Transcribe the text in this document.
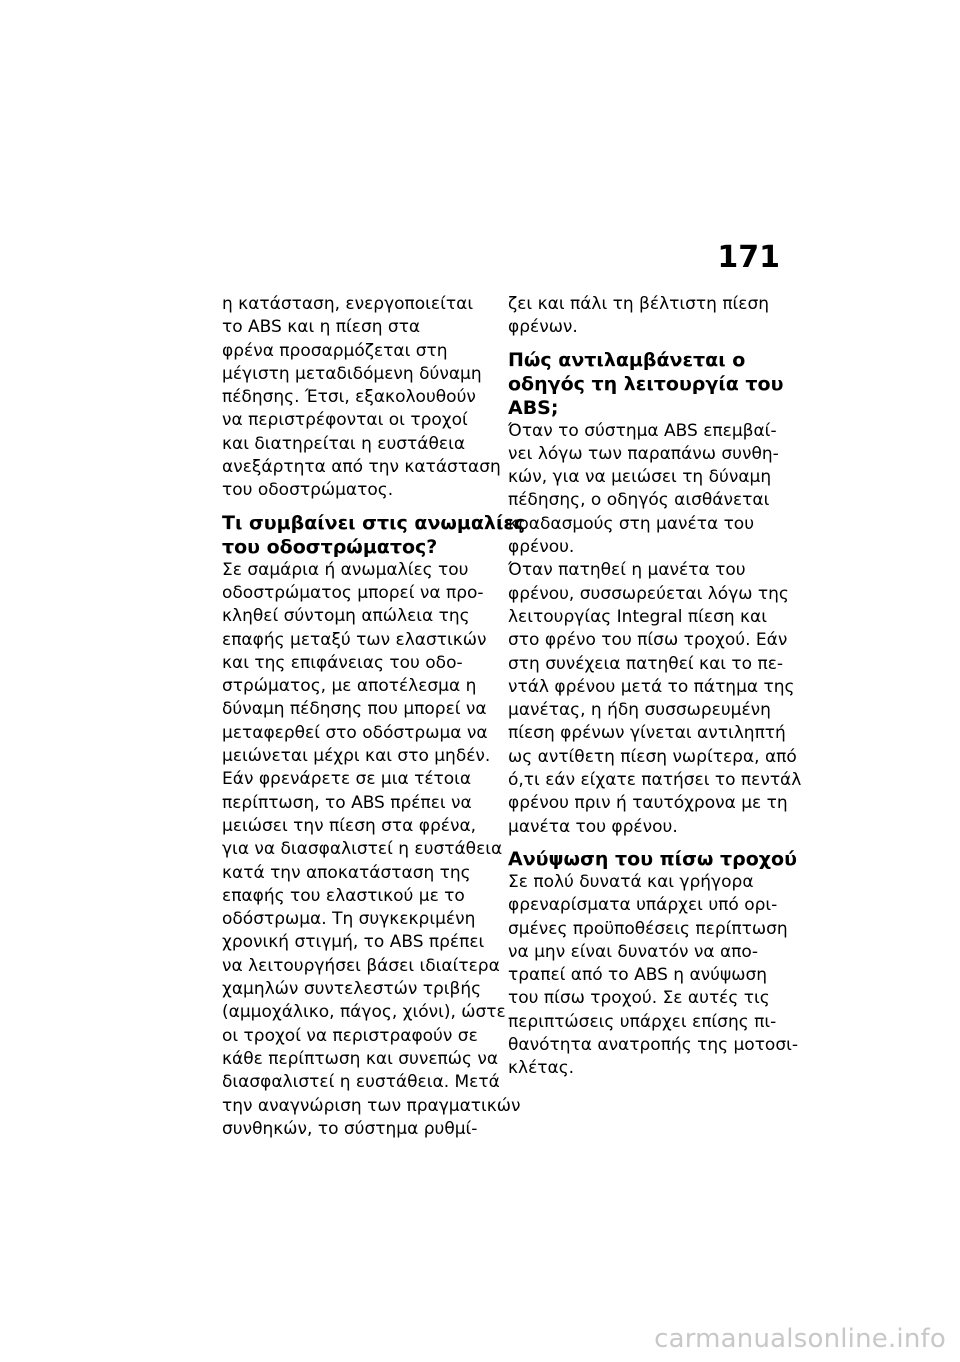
171
η κατάσταση, ενεργοποιείται
το ABS και η πίεση στα
φρένα προσαρμόζεται στη
μέγιστη μεταδιδόμενη δύναμη
πέδησης. Έτσι, εξακολουθούν
να περιστρέφονται οι τροχοί
και διατηρείται η ευστάθεια
ανεξάρτητα από την κατάσταση
του οδοστρώματος.
Τι συμβαίνει στις ανωμαλίες
του οδοστρώματος?
Σε σαμάρια ή ανωμαλίες του
οδοστρώματος μπορεί να προ-
κληθεί σύντομη απώλεια της
επαφής μεταξύ των ελαστικών
και της επιφάνειας του οδο-
στρώματος, με αποτέλεσμα η
δύναμη πέδησης που μπορεί να
μεταφερθεί στο οδόστρωμα να
μειώνεται μέχρι και στο μηδέν.
Εάν φρενάρετε σε μια τέτοια
περίπτωση, το ABS πρέπει να
μειώσει την πίεση στα φρένα,
για να διασφαλιστεί η ευστάθεια
κατά την αποκατάσταση της
επαφής του ελαστικού με το
οδόστρωμα. Τη συγκεκριμένη
χρονική στιγμή, το ABS πρέπει
να λειτουργήσει βάσει ιδιαίτερα
χαμηλών συντελεστών τριβής
(αμμοχάλικο, πάγος, χιόνι), ώστε
οι τροχοί να περιστραφούν σε
κάθε περίπτωση και συνεπώς να
διασφαλιστεί η ευστάθεια. Μετά
την αναγνώριση των πραγματικών
συνθηκών, το σύστημα ρυθμί-
ζει και πάλι τη βέλτιστη πίεση
φρένων.
Πώς αντιλαμβάνεται ο
οδηγός τη λειτουργία του
ABS;
Όταν το σύστημα ABS επεμβαί-
νει λόγω των παραπάνω συνθη-
κών, για να μειώσει τη δύναμη
πέδησης, ο οδηγός αισθάνεται
κραδασμούς στη μανέτα του
φρένου.
Όταν πατηθεί η μανέτα του
φρένου, συσσωρεύεται λόγω της
λειτουργίας Integral πίεση και
στο φρένο του πίσω τροχού. Εάν
στη συνέχεια πατηθεί και το πε-
ντάλ φρένου μετά το πάτημα της
μανέτας, η ήδη συσσωρευμένη
πίεση φρένων γίνεται αντιληπτή
ως αντίθετη πίεση νωρίτερα, από
ό,τι εάν είχατε πατήσει το πεντάλ
φρένου πριν ή ταυτόχρονα με τη
μανέτα του φρένου.
Ανύψωση του πίσω τροχού
Σε πολύ δυνατά και γρήγορα
φρεναρίσματα υπάρχει υπό ορι-
σμένες προϋποθέσεις περίπτωση
να μην είναι δυνατόν να απο-
τραπεί από το ABS η ανύψωση
του πίσω τροχού. Σε αυτές τις
περιπτώσεις υπάρχει επίσης πι-
θανότητα ανατροπής της μοτοσι-
κλέτας.
carmanualsonline.info
